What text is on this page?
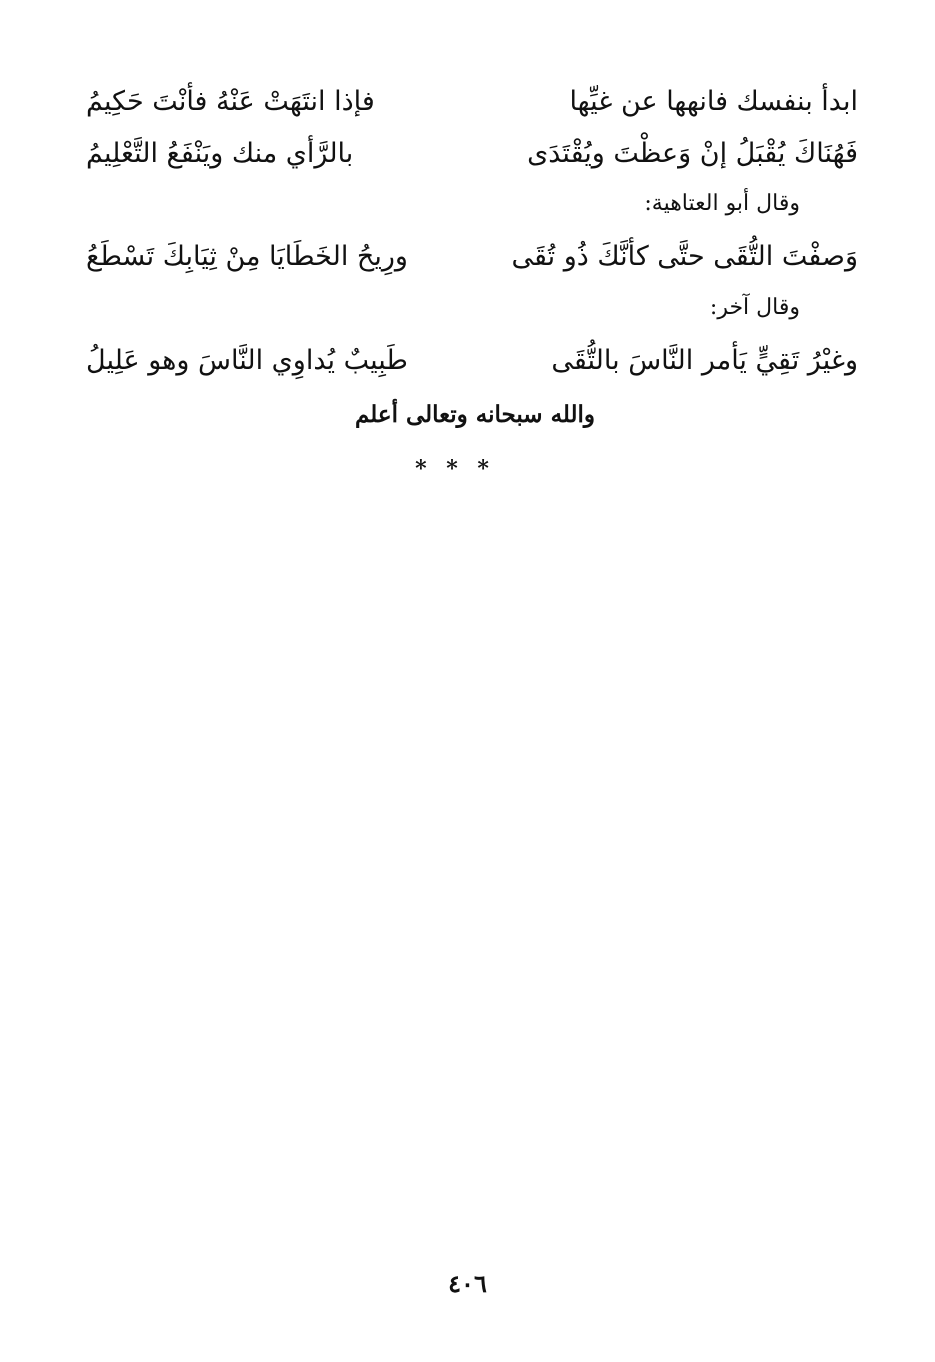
ابدأ بنفسك فانهها عن غيِّها
فإذا انتَهَتْ عَنْهُ فأنْتَ حَكِيمُ
فَهُنَاكَ يُقْبَلُ إنْ وَعظْتَ ويُقْتَدَى
بالرَّأي منك ويَنْفَعُ التَّعْلِيمُ
وقال أبو العتاهية:
وَصفْتَ التُّقَى حتَّى كأنَّكَ ذُو تُقَى
ورِيحُ الخَطَايَا مِنْ ثِيَابِكَ تَسْطَعُ
وقال آخر:
وغيْرُ تَقِيٍّ يَأمر النَّاسَ بالتُّقَى
طَبِيبٌ يُداوِي النَّاسَ وهو عَلِيلُ
والله سبحانه وتعالى أعلم
* * *
٤٠٦
